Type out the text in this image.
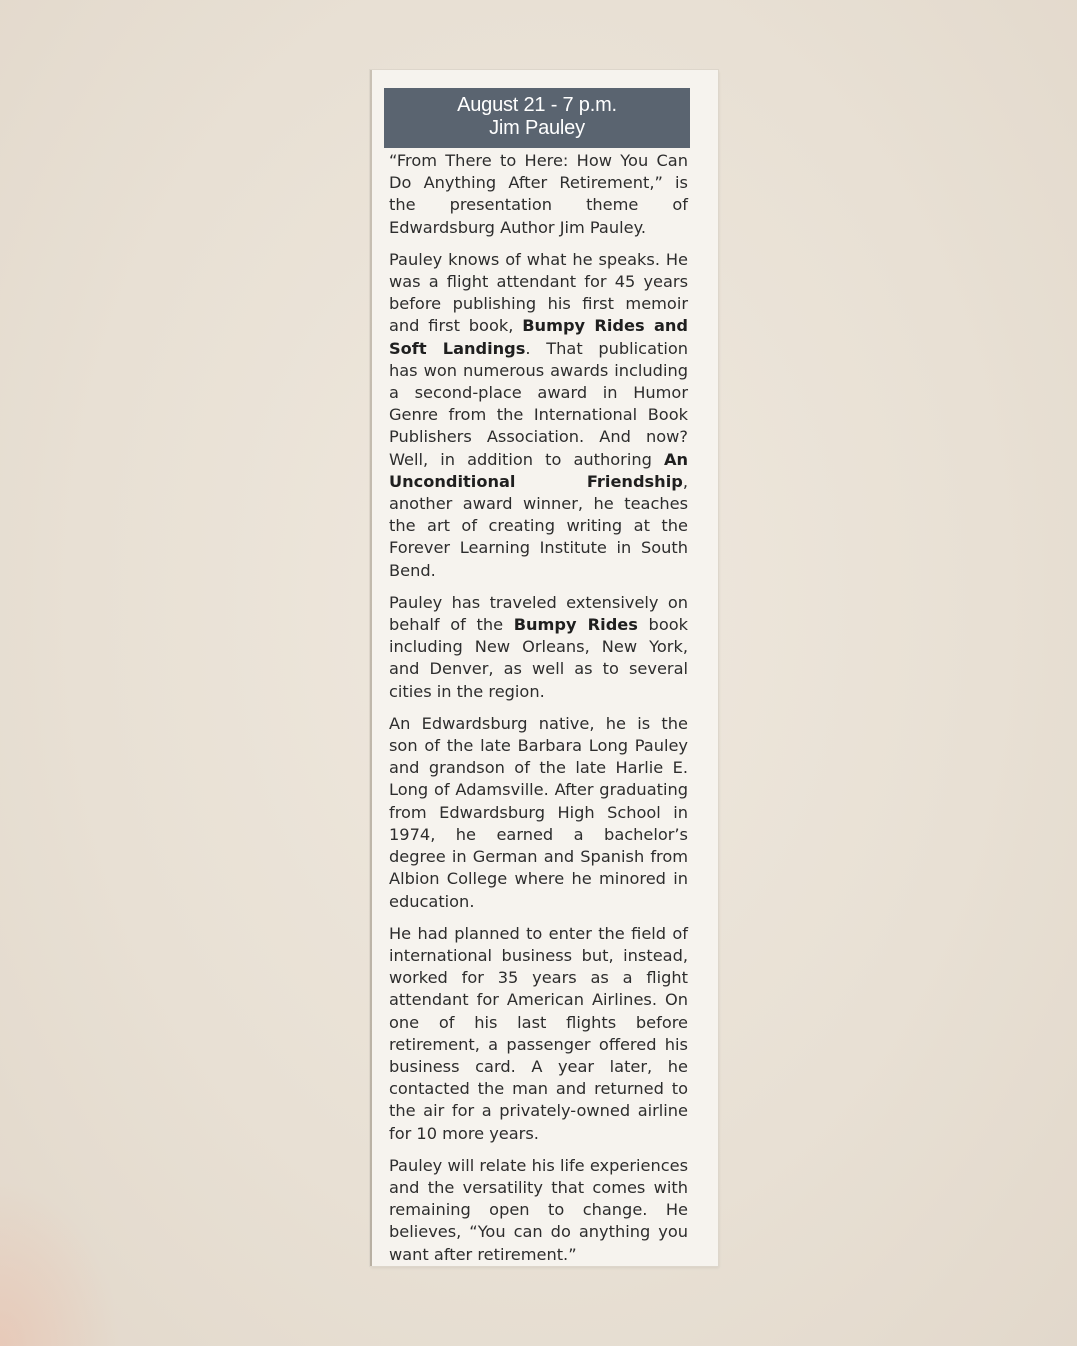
August 21 - 7 p.m.
Jim Pauley

“From There to Here: How You Can Do Anything After Retirement,” is the presentation theme of Edwardsburg Author Jim Pauley.

Pauley knows of what he speaks. He was a flight attendant for 45 years before publishing his first memoir and first book, Bumpy Rides and Soft Landings. That publication has won numerous awards including a second-place award in Humor Genre from the International Book Publishers Association. And now? Well, in addition to authoring An Unconditional Friendship, another award winner, he teaches the art of creating writing at the Forever Learning Institute in South Bend.

Pauley has traveled extensively on behalf of the Bumpy Rides book including New Orleans, New York, and Denver, as well as to several cities in the region.

An Edwardsburg native, he is the son of the late Barbara Long Pauley and grandson of the late Harlie E. Long of Adamsville. After graduating from Edwardsburg High School in 1974, he earned a bachelor’s degree in German and Spanish from Albion College where he minored in education.

He had planned to enter the field of international business but, instead, worked for 35 years as a flight attendant for American Airlines. On one of his last flights before retirement, a passenger offered his business card. A year later, he contacted the man and returned to the air for a privately-owned airline for 10 more years.

Pauley will relate his life experiences and the versatility that comes with remaining open to change. He believes, “You can do anything you want after retirement.”
